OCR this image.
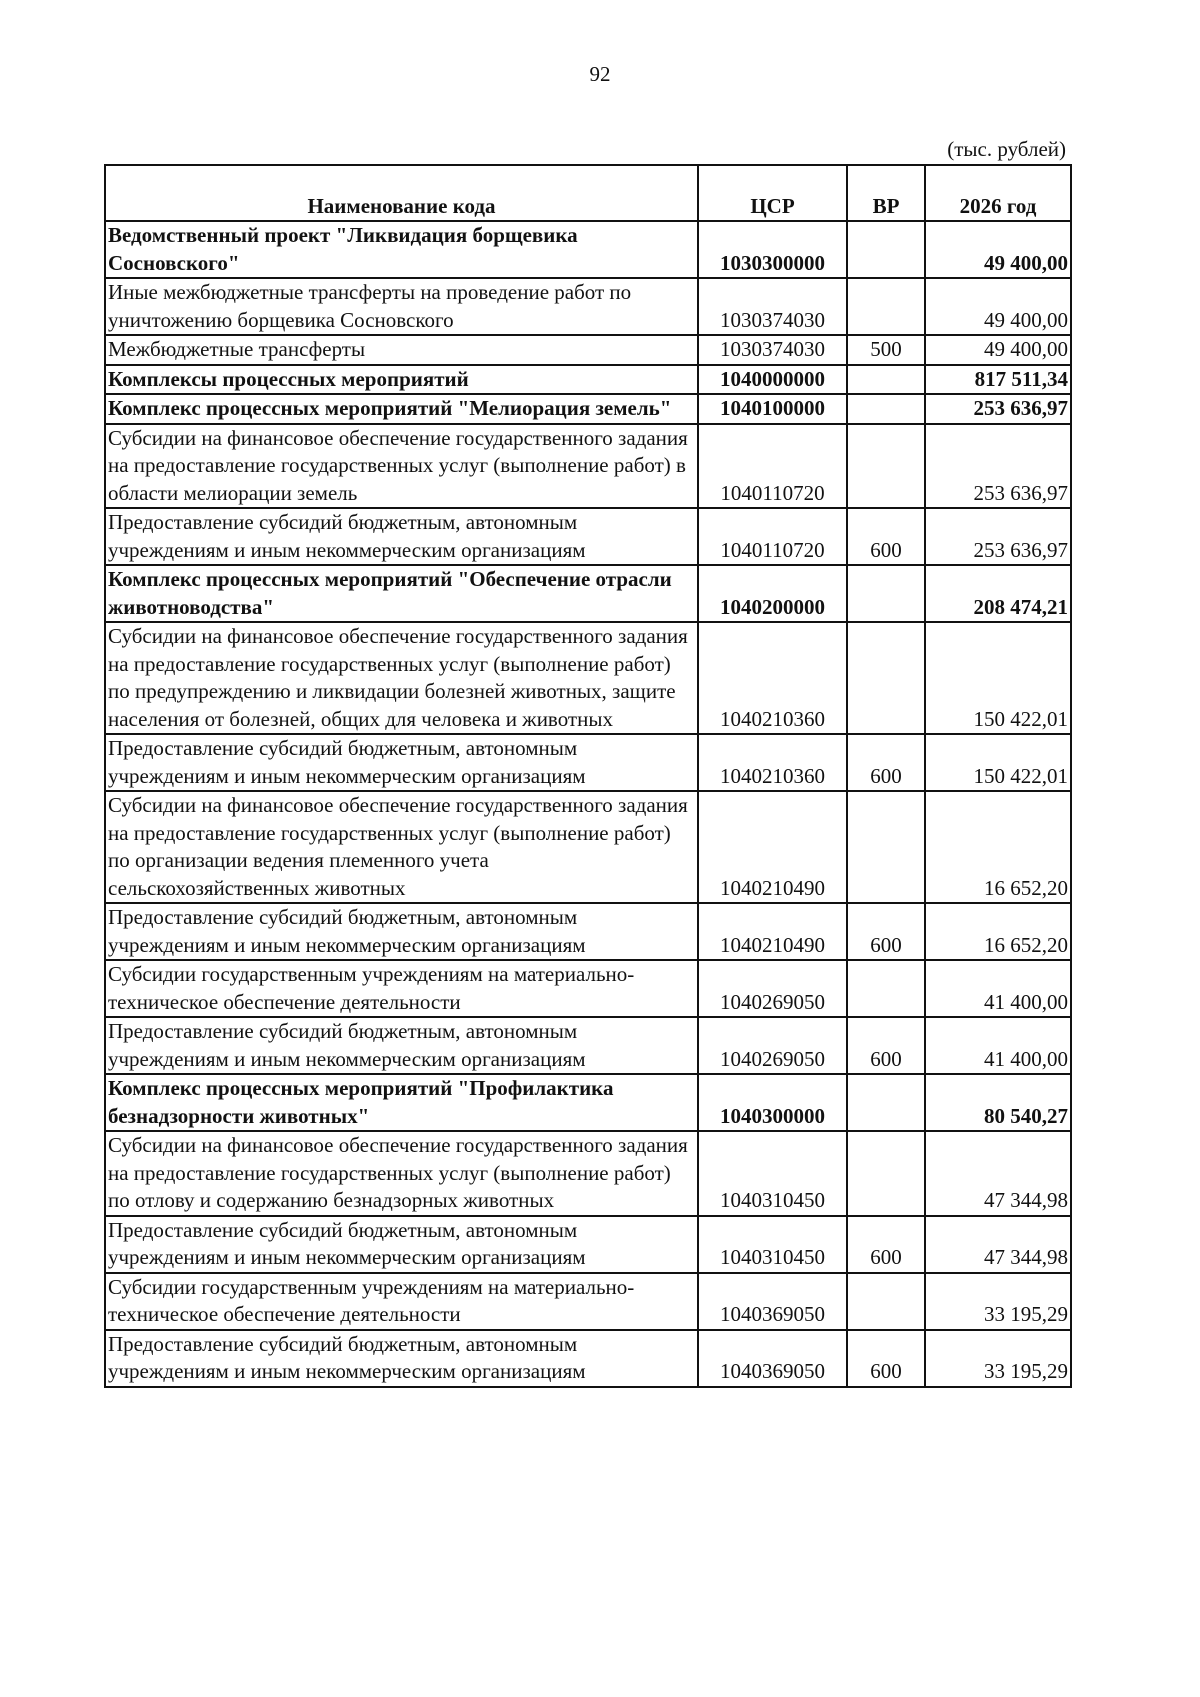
92
(тыс. рублей)
Наименование кода	ЦСР	ВР	2026 год
Ведомственный проект "Ликвидация борщевика Сосновского"	1030300000		49 400,00
Иные межбюджетные трансферты на проведение работ по уничтожению борщевика Сосновского	1030374030		49 400,00
Межбюджетные трансферты	1030374030	500	49 400,00
Комплексы процессных мероприятий	1040000000		817 511,34
Комплекс процессных мероприятий "Мелиорация земель"	1040100000		253 636,97
Субсидии на финансовое обеспечение государственного задания на предоставление государственных услуг (выполнение работ) в области мелиорации земель	1040110720		253 636,97
Предоставление субсидий бюджетным, автономным учреждениям и иным некоммерческим организациям	1040110720	600	253 636,97
Комплекс процессных мероприятий "Обеспечение отрасли животноводства"	1040200000		208 474,21
Субсидии на финансовое обеспечение государственного задания на предоставление государственных услуг (выполнение работ) по предупреждению и ликвидации болезней животных, защите населения от болезней, общих для человека и животных	1040210360		150 422,01
Предоставление субсидий бюджетным, автономным учреждениям и иным некоммерческим организациям	1040210360	600	150 422,01
Субсидии на финансовое обеспечение государственного задания на предоставление государственных услуг (выполнение работ) по организации ведения племенного учета сельскохозяйственных животных	1040210490		16 652,20
Предоставление субсидий бюджетным, автономным учреждениям и иным некоммерческим организациям	1040210490	600	16 652,20
Субсидии государственным учреждениям на материально-техническое обеспечение деятельности	1040269050		41 400,00
Предоставление субсидий бюджетным, автономным учреждениям и иным некоммерческим организациям	1040269050	600	41 400,00
Комплекс процессных мероприятий "Профилактика безнадзорности животных"	1040300000		80 540,27
Субсидии на финансовое обеспечение государственного задания на предоставление государственных услуг (выполнение работ) по отлову и содержанию безнадзорных животных	1040310450		47 344,98
Предоставление субсидий бюджетным, автономным учреждениям и иным некоммерческим организациям	1040310450	600	47 344,98
Субсидии государственным учреждениям на материально-техническое обеспечение деятельности	1040369050		33 195,29
Предоставление субсидий бюджетным, автономным учреждениям и иным некоммерческим организациям	1040369050	600	33 195,29
